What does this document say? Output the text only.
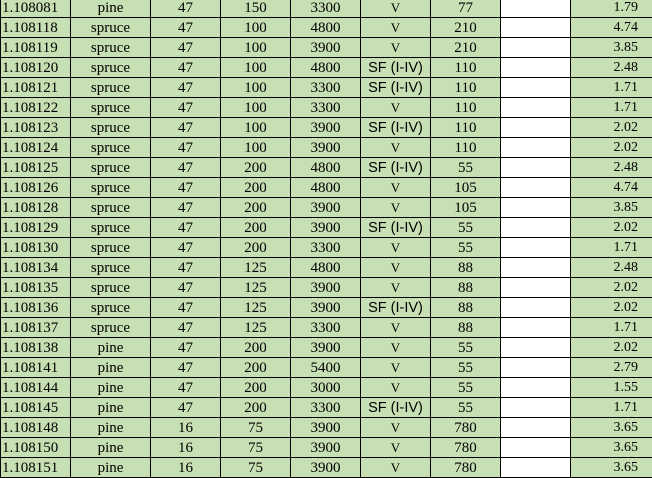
1.108081	pine	47	150	3300	V	77		1.79
1.108118	spruce	47	100	4800	V	210		4.74
1.108119	spruce	47	100	3900	V	210		3.85
1.108120	spruce	47	100	4800	SF (I-IV)	110		2.48
1.108121	spruce	47	100	3300	SF (I-IV)	110		1.71
1.108122	spruce	47	100	3300	V	110		1.71
1.108123	spruce	47	100	3900	SF (I-IV)	110		2.02
1.108124	spruce	47	100	3900	V	110		2.02
1.108125	spruce	47	200	4800	SF (I-IV)	55		2.48
1.108126	spruce	47	200	4800	V	105		4.74
1.108128	spruce	47	200	3900	V	105		3.85
1.108129	spruce	47	200	3900	SF (I-IV)	55		2.02
1.108130	spruce	47	200	3300	V	55		1.71
1.108134	spruce	47	125	4800	V	88		2.48
1.108135	spruce	47	125	3900	V	88		2.02
1.108136	spruce	47	125	3900	SF (I-IV)	88		2.02
1.108137	spruce	47	125	3300	V	88		1.71
1.108138	pine	47	200	3900	V	55		2.02
1.108141	pine	47	200	5400	V	55		2.79
1.108144	pine	47	200	3000	V	55		1.55
1.108145	pine	47	200	3300	SF (I-IV)	55		1.71
1.108148	pine	16	75	3900	V	780		3.65
1.108150	pine	16	75	3900	V	780		3.65
1.108151	pine	16	75	3900	V	780		3.65
